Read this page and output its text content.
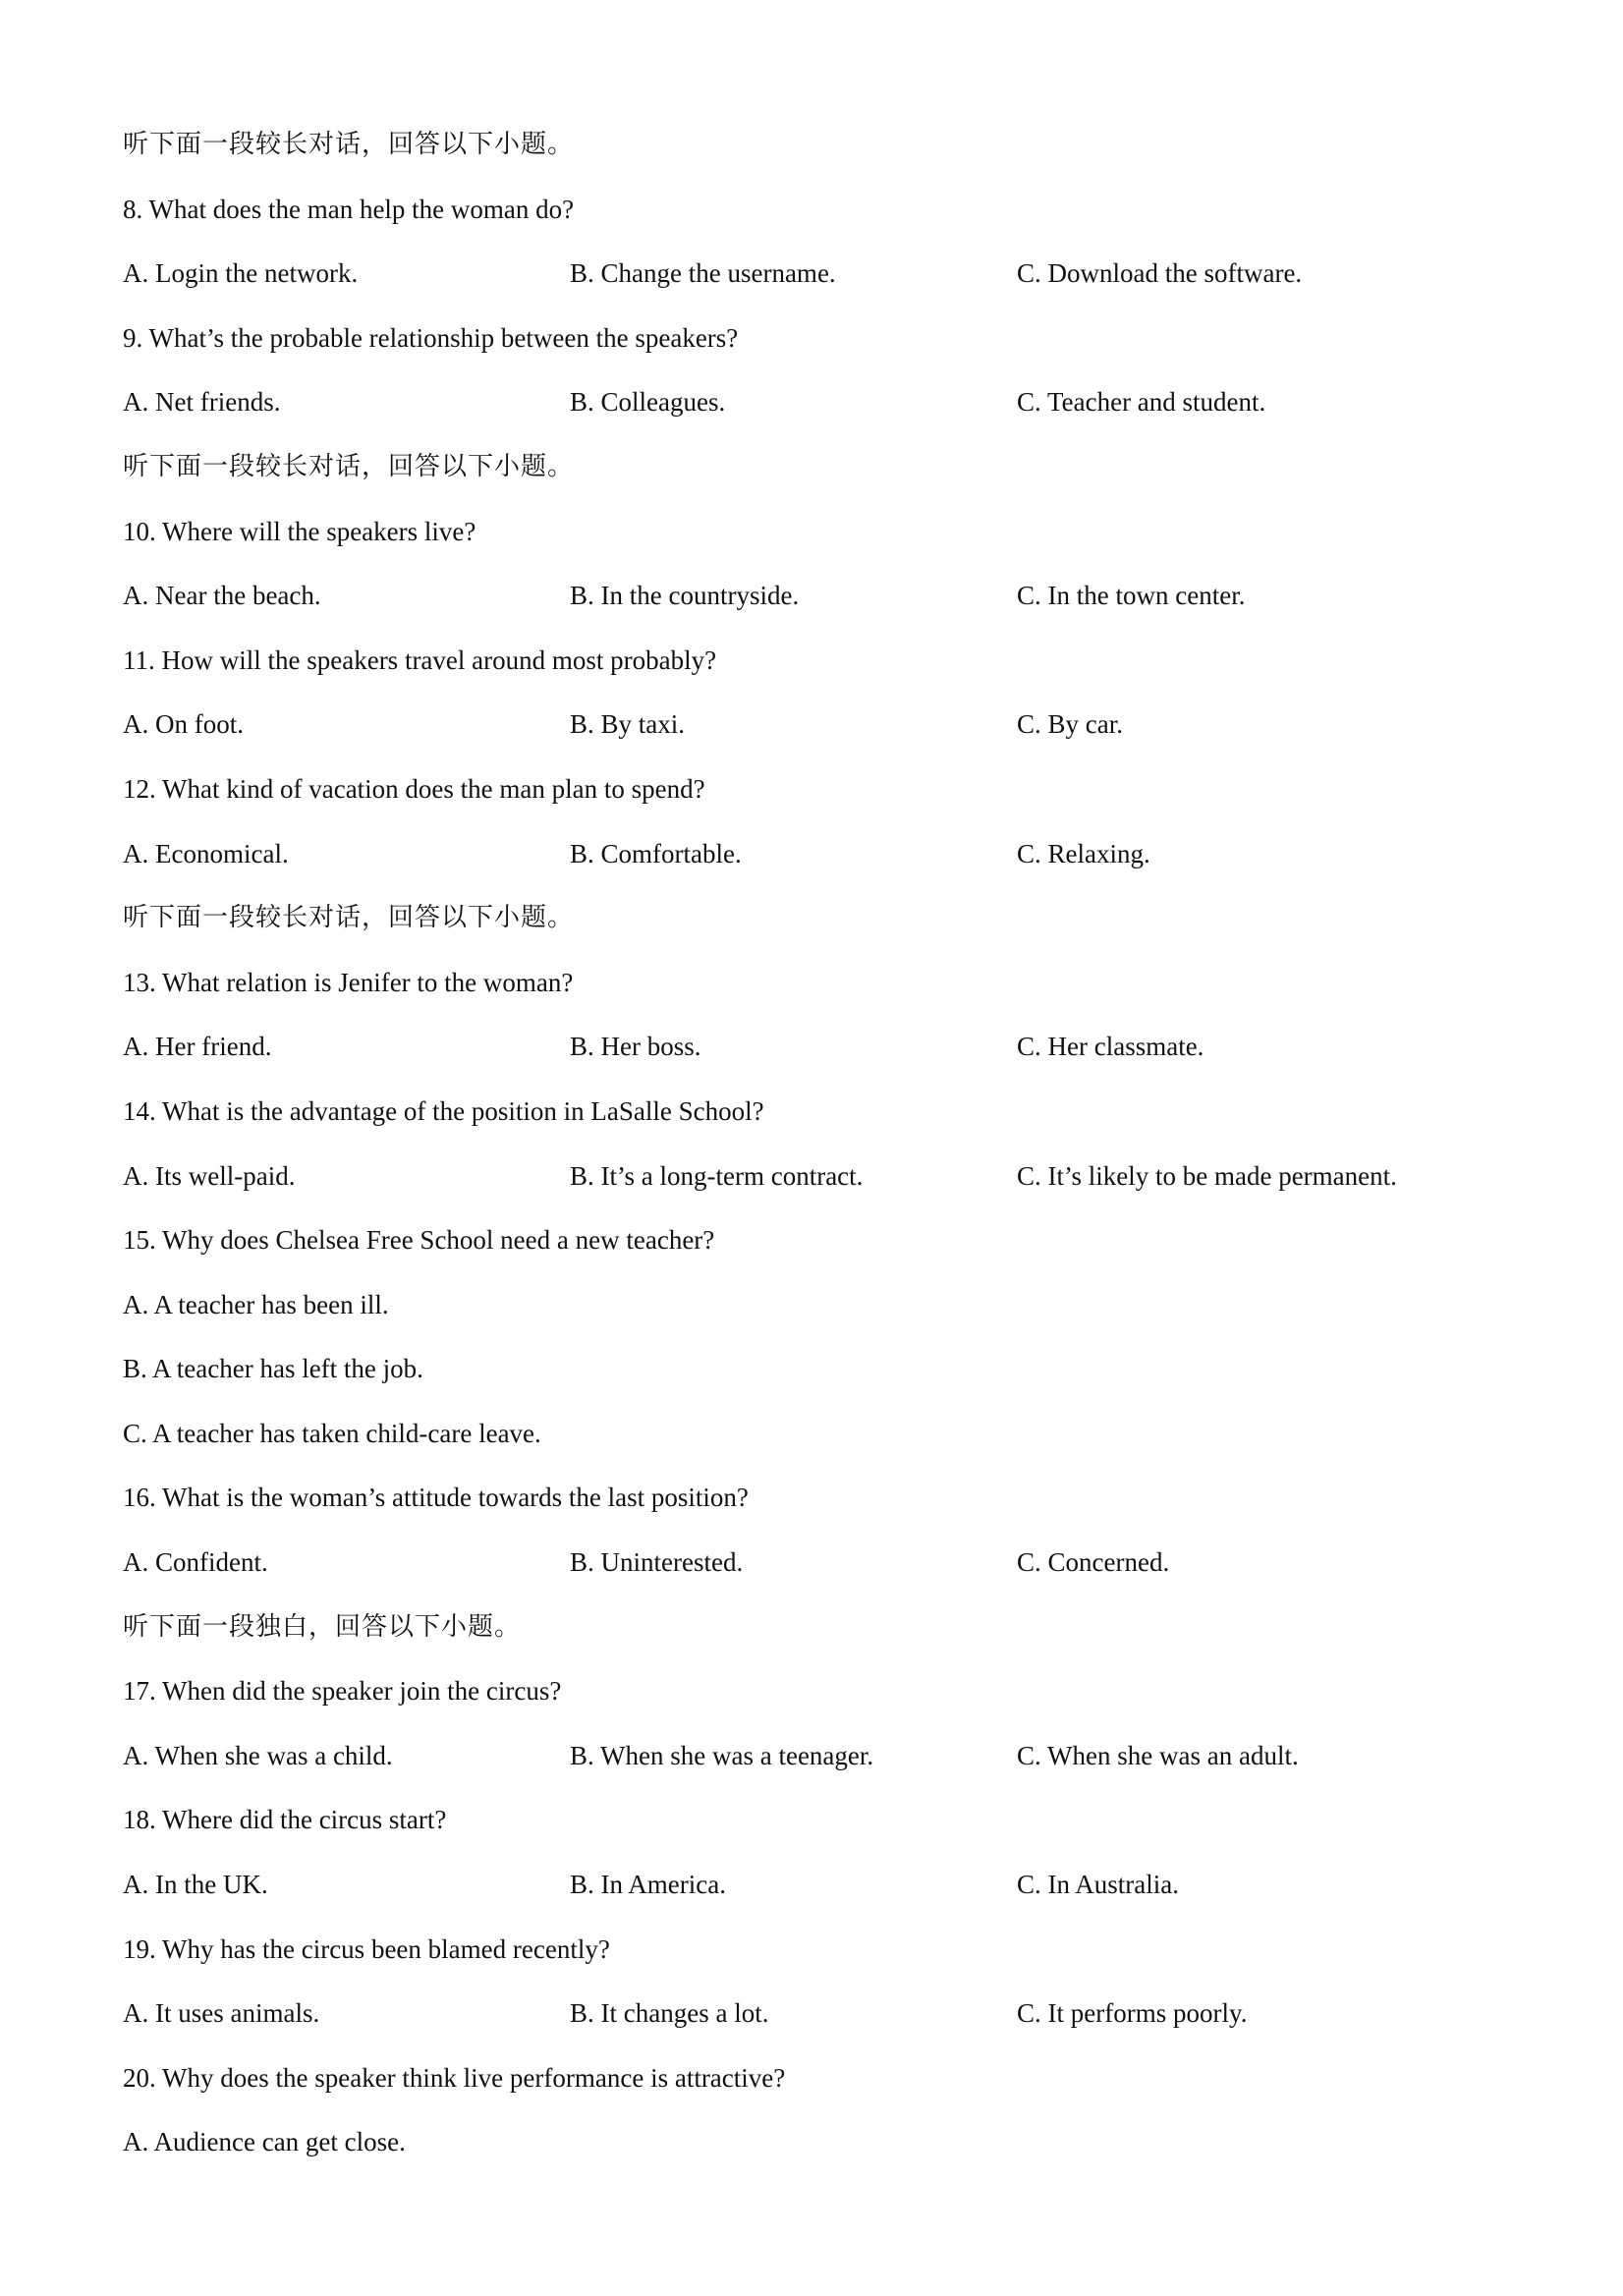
听下面一段较长对话，回答以下小题。
8. What does the man help the woman do?
A. Login the network.	B. Change the username.	C. Download the software.
9. What’s the probable relationship between the speakers?
A. Net friends.	B. Colleagues.	C. Teacher and student.
听下面一段较长对话，回答以下小题。
10. Where will the speakers live?
A. Near the beach.	B. In the countryside.	C. In the town center.
11. How will the speakers travel around most probably?
A. On foot.	B. By taxi.	C. By car.
12. What kind of vacation does the man plan to spend?
A. Economical.	B. Comfortable.	C. Relaxing.
听下面一段较长对话，回答以下小题。
13. What relation is Jenifer to the woman?
A. Her friend.	B. Her boss.	C. Her classmate.
14. What is the advantage of the position in LaSalle School?
A. Its well-paid.	B. It’s a long-term contract.	C. It’s likely to be made permanent.
15. Why does Chelsea Free School need a new teacher?
A. A teacher has been ill.
B. A teacher has left the job.
C. A teacher has taken child-care leave.
16. What is the woman’s attitude towards the last position?
A. Confident.	B. Uninterested.	C. Concerned.
听下面一段独白，回答以下小题。
17. When did the speaker join the circus?
A. When she was a child.	B. When she was a teenager.	C. When she was an adult.
18. Where did the circus start?
A. In the UK.	B. In America.	C. In Australia.
19. Why has the circus been blamed recently?
A. It uses animals.	B. It changes a lot.	C. It performs poorly.
20. Why does the speaker think live performance is attractive?
A. Audience can get close.
